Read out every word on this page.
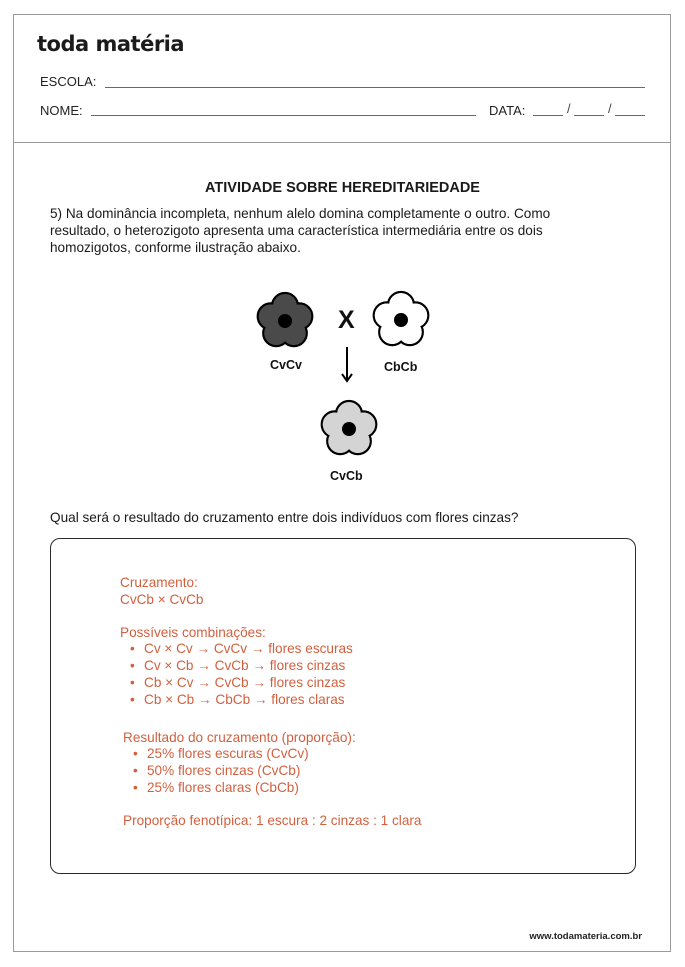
toda matéria
ESCOLA:
NOME:	DATA:	/	/
ATIVIDADE SOBRE HEREDITARIEDADE
5) Na dominância incompleta, nenhum alelo domina completamente o outro. Como resultado, o heterozigoto apresenta uma característica intermediária entre os dois homozigotos, conforme ilustração abaixo.
CvCv
X
CbCb
CvCb
Qual será o resultado do cruzamento entre dois indivíduos com flores cinzas?
Cruzamento:
CvCb × CvCb
Possíveis combinações:
• Cv × Cv → CvCv → flores escuras
• Cv × Cb → CvCb → flores cinzas
• Cb × Cv → CvCb → flores cinzas
• Cb × Cb → CbCb → flores claras
Resultado do cruzamento (proporção):
• 25% flores escuras (CvCv)
• 50% flores cinzas (CvCb)
• 25% flores claras (CbCb)
Proporção fenotípica: 1 escura : 2 cinzas : 1 clara
www.todamateria.com.br
